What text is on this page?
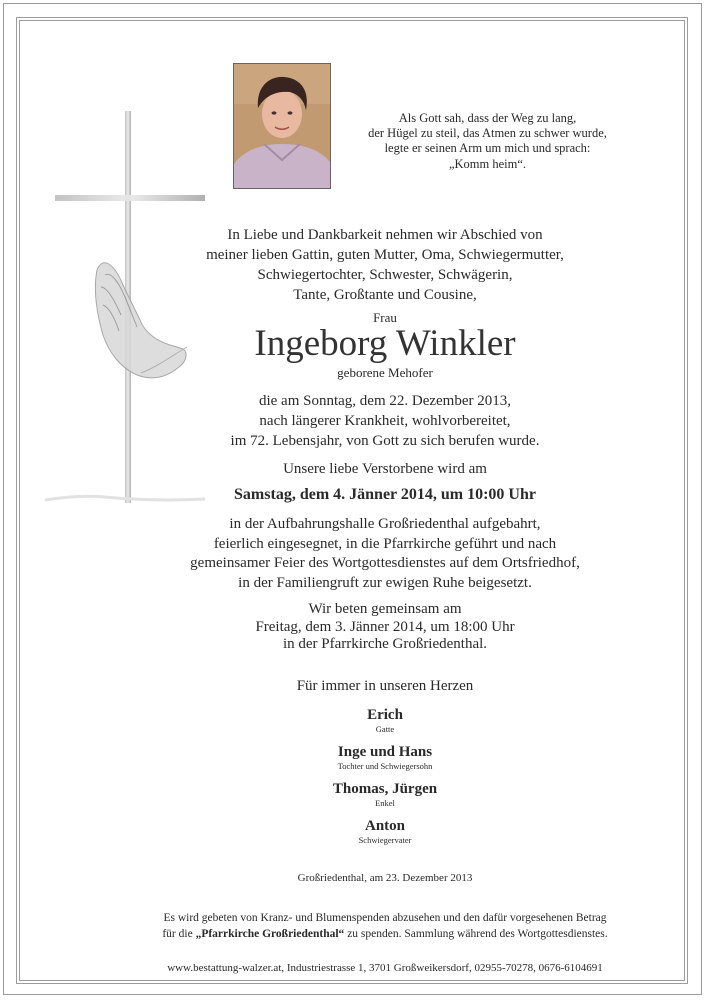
Als Gott sah, dass der Weg zu lang,
der Hügel zu steil, das Atmen zu schwer wurde,
legte er seinen Arm um mich und sprach:
„Komm heim“.
In Liebe und Dankbarkeit nehmen wir Abschied von
meiner lieben Gattin, guten Mutter, Oma, Schwiegermutter,
Schwiegertochter, Schwester, Schwägerin,
Tante, Großtante und Cousine,
Frau
Ingeborg Winkler
geborene Mehofer
die am Sonntag, dem 22. Dezember 2013,
nach längerer Krankheit, wohlvorbereitet,
im 72. Lebensjahr, von Gott zu sich berufen wurde.
Unsere liebe Verstorbene wird am
Samstag, dem 4. Jänner 2014, um 10:00 Uhr
in der Aufbahrungshalle Großriedenthal aufgebahrt,
feierlich eingesegnet, in die Pfarrkirche geführt und nach
gemeinsamer Feier des Wortgottesdienstes auf dem Ortsfriedhof,
in der Familiengruft zur ewigen Ruhe beigesetzt.
Wir beten gemeinsam am
Freitag, dem 3. Jänner 2014, um 18:00 Uhr
in der Pfarrkirche Großriedenthal.
Für immer in unseren Herzen
Erich
Gatte
Inge und Hans
Tochter und Schwiegersohn
Thomas, Jürgen
Enkel
Anton
Schwiegervater
Großriedenthal, am 23. Dezember 2013
Es wird gebeten von Kranz- und Blumenspenden abzusehen und den dafür vorgesehenen Betrag
für die „Pfarrkirche Großriedenthal“ zu spenden. Sammlung während des Wortgottesdienstes.
www.bestattung-walzer.at, Industriestrasse 1, 3701 Großweikersdorf, 02955-70278, 0676-6104691
